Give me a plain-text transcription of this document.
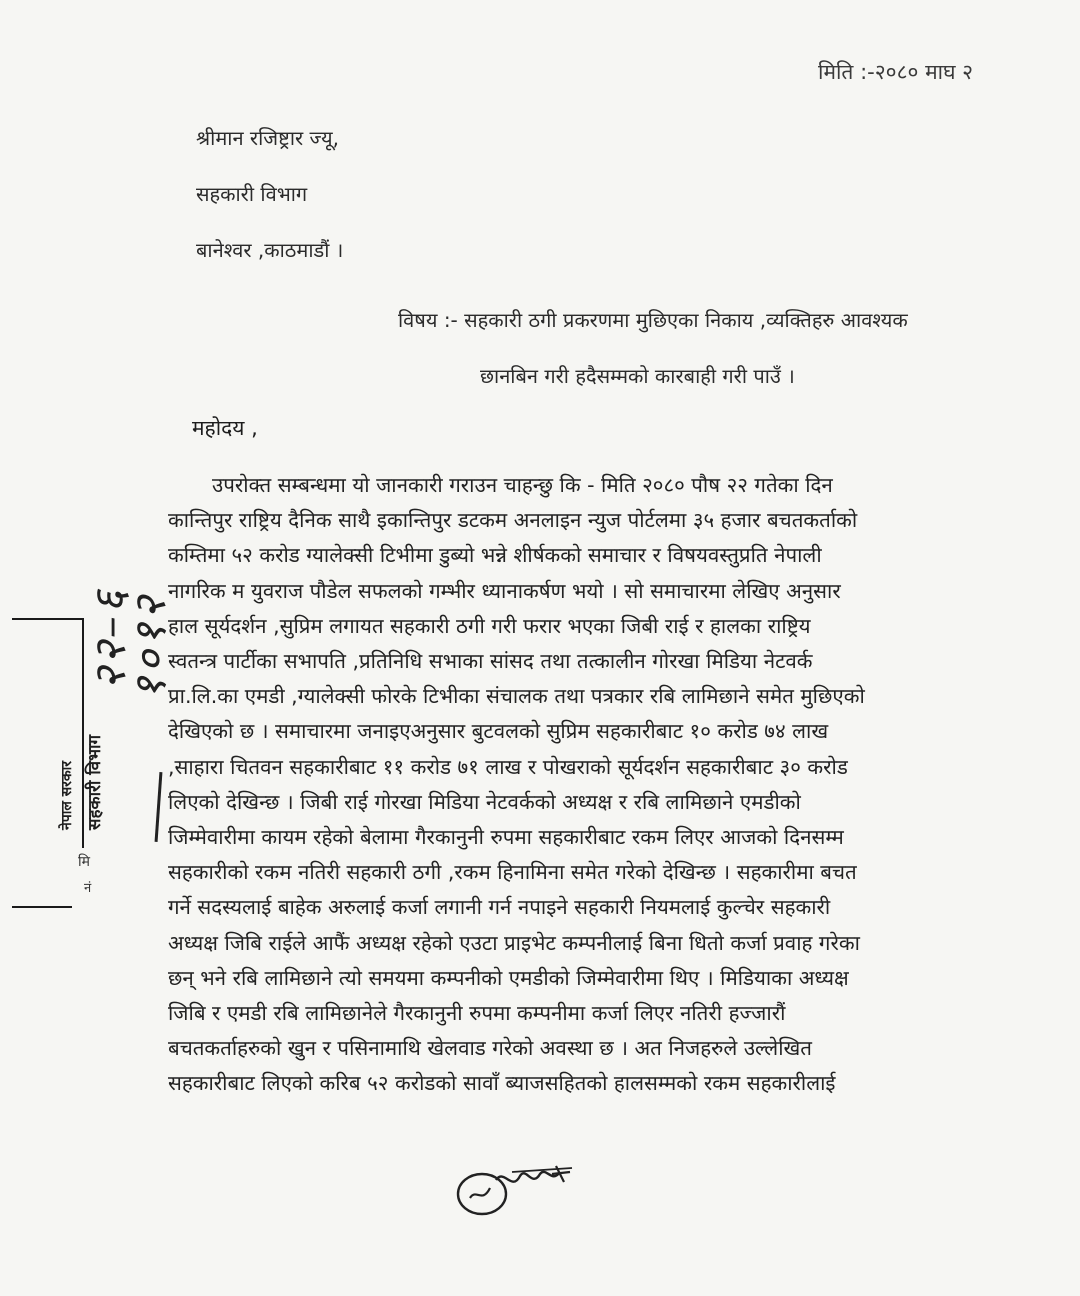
मिति :-२०८० माघ २
श्रीमान रजिष्ट्रार ज्यू,
सहकारी विभाग
बानेश्वर ,काठमाडौं ।
विषय :- सहकारी ठगी प्रकरणमा मुछिएका निकाय ,व्यक्तिहरु आवश्यक
छानबिन गरी हदैसम्मको कारबाही गरी पाउँ ।
महोदय ,
उपरोक्त सम्बन्धमा यो जानकारी गराउन चाहन्छु कि - मिति २०८० पौष २२ गतेका दिन
कान्तिपुर राष्ट्रिय दैनिक साथै इकान्तिपुर डटकम अनलाइन न्युज पोर्टलमा ३५ हजार बचतकर्ताको
कम्तिमा ५२ करोड ग्यालेक्सी टिभीमा डुब्यो भन्ने शीर्षकको समाचार र विषयवस्तुप्रति नेपाली
नागरिक म युवराज पौडेल सफलको गम्भीर ध्यानाकर्षण भयो । सो समाचारमा लेखिए अनुसार
हाल सूर्यदर्शन ,सुप्रिम लगायत सहकारी ठगी गरी फरार भएका जिबी राई र हालका राष्ट्रिय
स्वतन्त्र पार्टीका सभापति ,प्रतिनिधि सभाका सांसद तथा तत्कालीन गोरखा मिडिया नेटवर्क
प्रा.लि.का एमडी ,ग्यालेक्सी फोरके टिभीका संचालक तथा पत्रकार रबि लामिछाने समेत मुछिएको
देखिएको छ । समाचारमा जनाइएअनुसार बुटवलको सुप्रिम सहकारीबाट १० करोड ७४ लाख
,साहारा चितवन सहकारीबाट ११ करोड ७१ लाख र पोखराको सूर्यदर्शन सहकारीबाट ३० करोड
लिएको देखिन्छ । जिबी राई गोरखा मिडिया नेटवर्कको अध्यक्ष र रबि लामिछाने एमडीको
जिम्मेवारीमा कायम रहेको बेलामा गैरकानुनी रुपमा सहकारीबाट रकम लिएर आजको दिनसम्म
सहकारीको रकम नतिरी सहकारी ठगी ,रकम हिनामिना समेत गरेको देखिन्छ । सहकारीमा बचत
गर्ने सदस्यलाई बाहेक अरुलाई कर्जा लगानी गर्न नपाइने सहकारी नियमलाई कुल्चेर सहकारी
अध्यक्ष जिबि राईले आफैं अध्यक्ष रहेको एउटा प्राइभेट कम्पनीलाई बिना धितो कर्जा प्रवाह गरेका
छन् भने रबि लामिछाने त्यो समयमा कम्पनीको एमडीको जिम्मेवारीमा थिए । मिडियाका अध्यक्ष
जिबि र एमडी रबि लामिछानेले गैरकानुनी रुपमा कम्पनीमा कर्जा लिएर नतिरी हज्जारौं
बचतकर्ताहरुको खुन र पसिनामाथि खेलवाड गरेको अवस्था छ । अत निजहरुले उल्लेखित
सहकारीबाट लिएको करिब ५२ करोडको सावाँ ब्याजसहितको हालसम्मको रकम सहकारीलाई
नेपाल सरकार सहकारी विभाग
२२–६
१०१२
मि
नं
